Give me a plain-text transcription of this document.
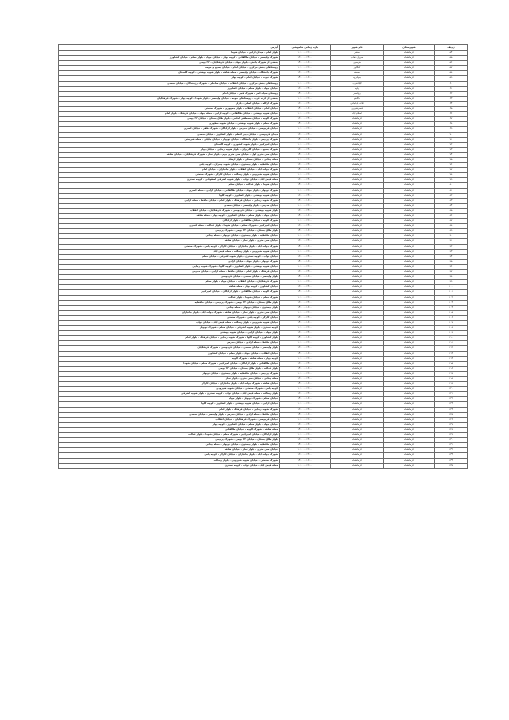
ردیف	شهرستان	نام شهر	بازه زمانی خاموشی	آدرس
۵۴	کرمانشاه	سنقر	۱۰:۰۰ - ۱۲:۰۰	بلوار امام - میدان آزادی - خیابان شهدا
۵۵	کرمانشاه	سرپل ذهاب	۱۲:۰۰ - ۱۴:۰۰	شهرک ولیعصر - خیابان طالقانی - کوچه بهار - خیابان جهاد - بلوار معلم - خیابان کشاورز
۵۶	کرمانشاه	هرسین	۱۴:۰۰ - ۱۶:۰۰	بخشی از شهرک دانش - بلوار جهاد - خیابان فرهنگیان - ۲۲ بهمن
۵۷	کرمانشاه	کنگاور	۱۰:۰۰ - ۱۲:۰۰	روستاهای بخش مرکزی - خیابان امام - خیابان بسیج و حومه
۵۸	کرمانشاه	صحنه	۱۲:۰۰ - ۱۴:۰۰	شهرک دانشگاه - خیابان ولیعصر - محله شاهد - بلوار شهید بهشتی - کوچه گلستان
۵۹	کرمانشاه	جوانرود	۱۴:۰۰ - ۱۶:۰۰	شهرک نبوت - خیابان امام - کوچه بهار
۶۰	کرمانشاه	گیلانغرب	۱۰:۰۰ - ۱۲:۰۰	روستاهای بخش مرکزی - خیابان انقلاب - خیابان ساحلی - شهرک رزمندگان - خیابان سعدی
۶۱	کرمانشاه	پاوه	۱۲:۰۰ - ۱۴:۰۰	خیابان جهاد - بلوار معلم - خیابان کشاورز
۶۲	کرمانشاه	روانسر	۱۴:۰۰ - ۱۶:۰۰	روستای سیاه کمر - شهرک فجر - خیابان امام
۶۳	کرمانشاه	دالاهو	۱۰:۰۰ - ۱۲:۰۰	بخشی از کرند غرب - روستاهای حومه - خیابان ولیعصر - بلوار شهدا - کوچه بهار - شهرک فرهنگیان
۶۴	کرمانشاه	ثلاث باباجانی	۱۲:۰۰ - ۱۴:۰۰	شهرک ازگله - خیابان اصلی - بازار
۶۵	کرمانشاه	قصرشیرین	۱۴:۰۰ - ۱۶:۰۰	خیابان امام - خیابان انقلاب - بلوار جمهوری - شهرک صنعتی
۶۶	کرمانشاه	اسلام آباد	۱۰:۰۰ - ۱۲:۰۰	خیابان شهید بهشتی - خیابان طالقانی - کوچه آزادی - محله جهاد - خیابان فرهنگ - بلوار امام
۶۷	کرمانشاه	کرمانشاه	۱۲:۰۰ - ۱۴:۰۰	شهرک الهیه - خیابان مصطفی امامی - بلوار طاق بستان - خیابان ۲۲ بهمن
۶۸	کرمانشاه	کرمانشاه	۱۴:۰۰ - ۱۶:۰۰	شهرک معلم - بلوار شهید بهشتی - خیابان شهید مطهری
۶۹	کرمانشاه	کرمانشاه	۱۰:۰۰ - ۱۲:۰۰	خیابان فردوسی - خیابان مدرس - بلوار آزادگان - شهرک ظفر - خیابان کسری
۷۰	کرمانشاه	کرمانشاه	۱۲:۰۰ - ۱۴:۰۰	میدان فردوسی - خیابان دبیر اعظم - بلوار کشاورز - خیابان سعدی
۷۱	کرمانشاه	کرمانشاه	۱۴:۰۰ - ۱۶:۰۰	شهرک پردیس - بلوار دانشگاه - خیابان نوبهار - خیابان جلیلی - محله شریعتی
۷۲	کرمانشاه	کرمانشاه	۱۰:۰۰ - ۱۲:۰۰	خیابان امیرکبیر - بلوار شهید کشوری - کوچه گلستان
۷۳	کرمانشاه	کرمانشاه	۱۲:۰۰ - ۱۴:۰۰	شهرک بسیج - خیابان گلریزان - بلوار شهید رجایی - خیابان بهار
۷۴	کرمانشاه	کرمانشاه	۱۴:۰۰ - ۱۶:۰۰	خیابان سی متری اول - خیابان سی متری دوم - بلوار نماز - شهرک فرهنگیان - خیابان شاهد
۷۵	کرمانشاه	کرمانشاه	۱۰:۰۰ - ۱۲:۰۰	محله چنانی - خیابان مسکن - بلوار ارشاد
۷۶	کرمانشاه	کرمانشاه	۱۲:۰۰ - ۱۴:۰۰	خیابان حافظیه - بلوار بیستون - خیابان شهید چمران - کوچه یاس
۷۷	کرمانشاه	کرمانشاه	۱۴:۰۰ - ۱۶:۰۰	شهرک دولت آباد - خیابان انقلاب - بلوار جانبازان - خیابان امام
۷۸	کرمانشاه	کرمانشاه	۱۰:۰۰ - ۱۲:۰۰	خیابان شهید شیرودی - بلوار رسالت - خیابان کارگر - شهرک صنعتی
۷۹	کرمانشاه	کرمانشاه	۱۲:۰۰ - ۱۴:۰۰	محله فیض آباد - خیابان نواب - بلوار شهید اشرفی اصفهانی - کوچه نسترن
۸۰	کرمانشاه	کرمانشاه	۱۴:۰۰ - ۱۶:۰۰	خیابان شهدا - بلوار عدالت - خیابان معلم
۸۱	کرمانشاه	کرمانشاه	۱۰:۰۰ - ۱۲:۰۰	شهرک نوبهار - بلوار جهاد - خیابان طالقانی - خیابان آزادی - محله کسری
۸۲	کرمانشاه	کرمانشاه	۱۲:۰۰ - ۱۴:۰۰	خیابان شهید بهشتی - بلوار کشاورز - کوچه گلها
۸۳	کرمانشاه	کرمانشاه	۱۴:۰۰ - ۱۶:۰۰	شهرک شهید رجایی - خیابان فرهنگ - بلوار امام - خیابان حافظ - محله آزادی
۸۴	کرمانشاه	کرمانشاه	۱۰:۰۰ - ۱۲:۰۰	خیابان مدرس - بلوار ولیعصر - خیابان سعدی
۸۵	کرمانشاه	کرمانشاه	۱۲:۰۰ - ۱۴:۰۰	بلوار شهید بهشتی - خیابان فردوسی - شهرک فرهنگیان - خیابان انقلاب
۸۶	کرمانشاه	کرمانشاه	۱۴:۰۰ - ۱۶:۰۰	خیابان جهاد - بلوار معلم - خیابان کشاورز - کوچه بهار - محله شاهد
۸۷	کرمانشاه	کرمانشاه	۱۰:۰۰ - ۱۲:۰۰	شهرک الهیه - خیابان طالقانی - بلوار آزادگان
۸۸	کرمانشاه	کرمانشاه	۱۲:۰۰ - ۱۴:۰۰	خیابان امیرکبیر - شهرک معلم - خیابان شهدا - بلوار عدالت - محله کسری
۸۹	کرمانشاه	کرمانشاه	۱۴:۰۰ - ۱۶:۰۰	بلوار طاق بستان - خیابان ۲۲ بهمن - شهرک پردیس
۹۰	کرمانشاه	کرمانشاه	۱۰:۰۰ - ۱۲:۰۰	خیابان حافظیه - بلوار بیستون - خیابان نوبهار - محله چنانی
۹۱	کرمانشاه	کرمانشاه	۱۲:۰۰ - ۱۴:۰۰	خیابان سی متری - بلوار نماز - خیابان شاهد
۹۲	کرمانشاه	کرمانشاه	۱۴:۰۰ - ۱۶:۰۰	شهرک دولت آباد - بلوار جانبازان - خیابان کارگر - کوچه یاس - شهرک صنعتی
۹۳	کرمانشاه	کرمانشاه	۱۰:۰۰ - ۱۲:۰۰	خیابان شهید شیرودی - بلوار رسالت - محله فیض آباد
۹۴	کرمانشاه	کرمانشاه	۱۲:۰۰ - ۱۴:۰۰	خیابان نواب - کوچه نسترن - بلوار شهید اشرفی - خیابان معلم
۹۵	کرمانشاه	کرمانشاه	۱۴:۰۰ - ۱۶:۰۰	شهرک نوبهار - بلوار جهاد - خیابان آزادی
۹۶	کرمانشاه	کرمانشاه	۱۰:۰۰ - ۱۲:۰۰	خیابان شهید بهشتی - بلوار کشاورز - کوچه گلها - شهرک شهید رجایی
۹۷	کرمانشاه	کرمانشاه	۱۲:۰۰ - ۱۴:۰۰	خیابان فرهنگ - بلوار امام - خیابان حافظ - محله آزادی - خیابان مدرس
۹۸	کرمانشاه	کرمانشاه	۱۴:۰۰ - ۱۶:۰۰	بلوار ولیعصر - خیابان سعدی - خیابان فردوسی
۹۹	کرمانشاه	کرمانشاه	۱۰:۰۰ - ۱۲:۰۰	شهرک فرهنگیان - خیابان انقلاب - خیابان جهاد - بلوار معلم
۱۰۰	کرمانشاه	کرمانشاه	۱۲:۰۰ - ۱۴:۰۰	خیابان کشاورز - کوچه بهار - محله شاهد
۱۰۱	کرمانشاه	کرمانشاه	۱۴:۰۰ - ۱۶:۰۰	شهرک الهیه - خیابان طالقانی - بلوار آزادگان - خیابان امیرکبیر
۱۰۲	کرمانشاه	کرمانشاه	۱۰:۰۰ - ۱۲:۰۰	شهرک معلم - خیابان شهدا - بلوار عدالت
۱۰۳	کرمانشاه	کرمانشاه	۱۲:۰۰ - ۱۴:۰۰	بلوار طاق بستان - خیابان ۲۲ بهمن - شهرک پردیس - خیابان حافظیه
۱۰۴	کرمانشاه	کرمانشاه	۱۴:۰۰ - ۱۶:۰۰	بلوار بیستون - خیابان نوبهار - محله چنانی
۱۰۵	کرمانشاه	کرمانشاه	۱۰:۰۰ - ۱۲:۰۰	خیابان سی متری - بلوار نماز - خیابان شاهد - شهرک دولت آباد - بلوار جانبازان
۱۰۶	کرمانشاه	کرمانشاه	۱۲:۰۰ - ۱۴:۰۰	خیابان کارگر - کوچه یاس - شهرک صنعتی
۱۰۷	کرمانشاه	کرمانشاه	۱۴:۰۰ - ۱۶:۰۰	خیابان شهید شیرودی - بلوار رسالت - محله فیض آباد - خیابان نواب
۱۰۸	کرمانشاه	کرمانشاه	۱۰:۰۰ - ۱۲:۰۰	کوچه نسترن - بلوار شهید اشرفی - خیابان معلم - شهرک نوبهار
۱۰۹	کرمانشاه	کرمانشاه	۱۲:۰۰ - ۱۴:۰۰	بلوار جهاد - خیابان آزادی - خیابان شهید بهشتی
۱۱۰	کرمانشاه	کرمانشاه	۱۴:۰۰ - ۱۶:۰۰	بلوار کشاورز - کوچه گلها - شهرک شهید رجایی - خیابان فرهنگ - بلوار امام
۱۱۱	کرمانشاه	کرمانشاه	۱۰:۰۰ - ۱۲:۰۰	خیابان حافظ - محله آزادی - خیابان مدرس
۱۱۲	کرمانشاه	کرمانشاه	۱۲:۰۰ - ۱۴:۰۰	بلوار ولیعصر - خیابان سعدی - خیابان فردوسی - شهرک فرهنگیان
۱۱۳	کرمانشاه	کرمانشاه	۱۴:۰۰ - ۱۶:۰۰	خیابان انقلاب - خیابان جهاد - بلوار معلم - خیابان کشاورز
۱۱۴	کرمانشاه	کرمانشاه	۱۰:۰۰ - ۱۲:۰۰	کوچه بهار - محله شاهد - شهرک الهیه
۱۱۵	کرمانشاه	کرمانشاه	۱۲:۰۰ - ۱۴:۰۰	خیابان طالقانی - بلوار آزادگان - خیابان امیرکبیر - شهرک معلم - خیابان شهدا
۱۱۶	کرمانشاه	کرمانشاه	۱۴:۰۰ - ۱۶:۰۰	بلوار عدالت - بلوار طاق بستان - خیابان ۲۲ بهمن
۱۱۷	کرمانشاه	کرمانشاه	۱۰:۰۰ - ۱۲:۰۰	شهرک پردیس - خیابان حافظیه - بلوار بیستون - خیابان نوبهار
۱۱۸	کرمانشاه	کرمانشاه	۱۲:۰۰ - ۱۴:۰۰	محله چنانی - خیابان سی متری - بلوار نماز
۱۱۹	کرمانشاه	کرمانشاه	۱۴:۰۰ - ۱۶:۰۰	خیابان شاهد - شهرک دولت آباد - بلوار جانبازان - خیابان کارگر
۱۲۰	کرمانشاه	کرمانشاه	۱۰:۰۰ - ۱۲:۰۰	کوچه یاس - شهرک صنعتی - خیابان شهید شیرودی
۱۲۱	کرمانشاه	کرمانشاه	۱۲:۰۰ - ۱۴:۰۰	بلوار رسالت - محله فیض آباد - خیابان نواب - کوچه نسترن - بلوار شهید اشرفی
۱۲۲	کرمانشاه	کرمانشاه	۱۴:۰۰ - ۱۶:۰۰	خیابان معلم - شهرک نوبهار - بلوار جهاد
۱۲۳	کرمانشاه	کرمانشاه	۱۰:۰۰ - ۱۲:۰۰	خیابان آزادی - خیابان شهید بهشتی - بلوار کشاورز - کوچه گلها
۱۲۴	کرمانشاه	کرمانشاه	۱۲:۰۰ - ۱۴:۰۰	شهرک شهید رجایی - خیابان فرهنگ - بلوار امام
۱۲۵	کرمانشاه	کرمانشاه	۱۴:۰۰ - ۱۶:۰۰	خیابان حافظ - محله آزادی - خیابان مدرس - بلوار ولیعصر - خیابان سعدی
۱۲۶	کرمانشاه	کرمانشاه	۱۰:۰۰ - ۱۲:۰۰	خیابان فردوسی - شهرک فرهنگیان - خیابان انقلاب
۱۲۷	کرمانشاه	کرمانشاه	۱۲:۰۰ - ۱۴:۰۰	خیابان جهاد - بلوار معلم - خیابان کشاورز - کوچه بهار
۱۲۸	کرمانشاه	کرمانشاه	۱۴:۰۰ - ۱۶:۰۰	محله شاهد - شهرک الهیه - خیابان طالقانی
۱۲۹	کرمانشاه	کرمانشاه	۱۰:۰۰ - ۱۲:۰۰	بلوار آزادگان - خیابان امیرکبیر - شهرک معلم - خیابان شهدا - بلوار عدالت
۱۳۰	کرمانشاه	کرمانشاه	۱۲:۰۰ - ۱۴:۰۰	بلوار طاق بستان - خیابان ۲۲ بهمن - شهرک پردیس
۱۳۱	کرمانشاه	کرمانشاه	۱۴:۰۰ - ۱۶:۰۰	خیابان حافظیه - بلوار بیستون - خیابان نوبهار - محله چنانی
۱۳۲	کرمانشاه	کرمانشاه	۱۰:۰۰ - ۱۲:۰۰	خیابان سی متری - بلوار نماز - خیابان شاهد
۱۳۳	کرمانشاه	کرمانشاه	۱۲:۰۰ - ۱۴:۰۰	شهرک دولت آباد - بلوار جانبازان - خیابان کارگر - کوچه یاس
۱۳۴	کرمانشاه	کرمانشاه	۱۴:۰۰ - ۱۶:۰۰	شهرک صنعتی - خیابان شهید شیرودی - بلوار رسالت
۱۳۵	کرمانشاه	کرمانشاه	۱۰:۰۰ - ۱۲:۰۰	محله فیض آباد - خیابان نواب - کوچه نسترن
